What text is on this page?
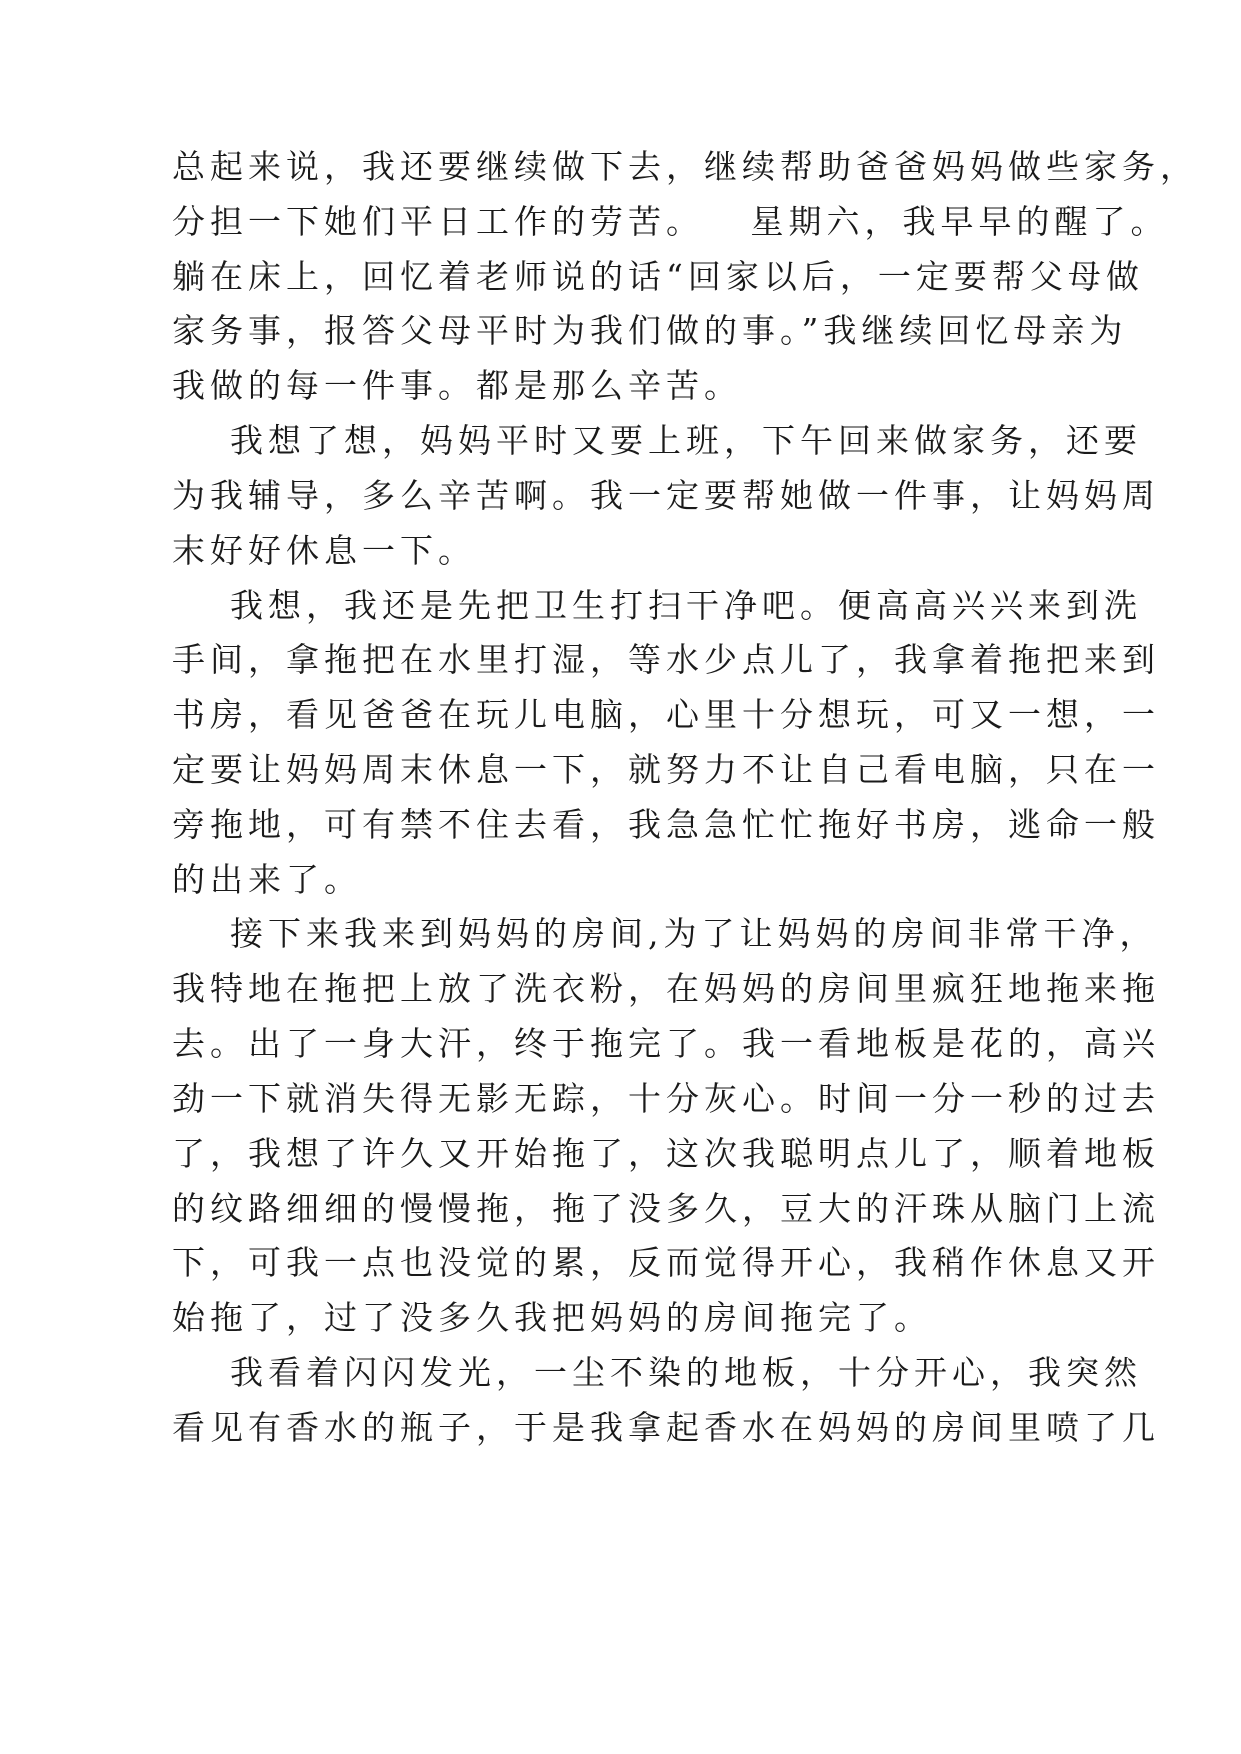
总起来说，我还要继续做下去，继续帮助爸爸妈妈做些家务，
分担一下她们平日工作的劳苦。   星期六，我早早的醒了。
躺在床上，回忆着老师说的话“回家以后，一定要帮父母做
家务事，报答父母平时为我们做的事。”我继续回忆母亲为
我做的每一件事。都是那么辛苦。
我想了想，妈妈平时又要上班，下午回来做家务，还要
为我辅导，多么辛苦啊。我一定要帮她做一件事，让妈妈周
末好好休息一下。
我想，我还是先把卫生打扫干净吧。便高高兴兴来到洗
手间，拿拖把在水里打湿，等水少点儿了，我拿着拖把来到
书房，看见爸爸在玩儿电脑，心里十分想玩，可又一想，一
定要让妈妈周末休息一下，就努力不让自己看电脑，只在一
旁拖地，可有禁不住去看，我急急忙忙拖好书房，逃命一般
的出来了。
接下来我来到妈妈的房间,为了让妈妈的房间非常干净，
我特地在拖把上放了洗衣粉，在妈妈的房间里疯狂地拖来拖
去。出了一身大汗，终于拖完了。我一看地板是花的，高兴
劲一下就消失得无影无踪，十分灰心。时间一分一秒的过去
了，我想了许久又开始拖了，这次我聪明点儿了，顺着地板
的纹路细细的慢慢拖，拖了没多久，豆大的汗珠从脑门上流
下，可我一点也没觉的累，反而觉得开心，我稍作休息又开
始拖了，过了没多久我把妈妈的房间拖完了。
我看着闪闪发光，一尘不染的地板，十分开心，我突然
看见有香水的瓶子，于是我拿起香水在妈妈的房间里喷了几
